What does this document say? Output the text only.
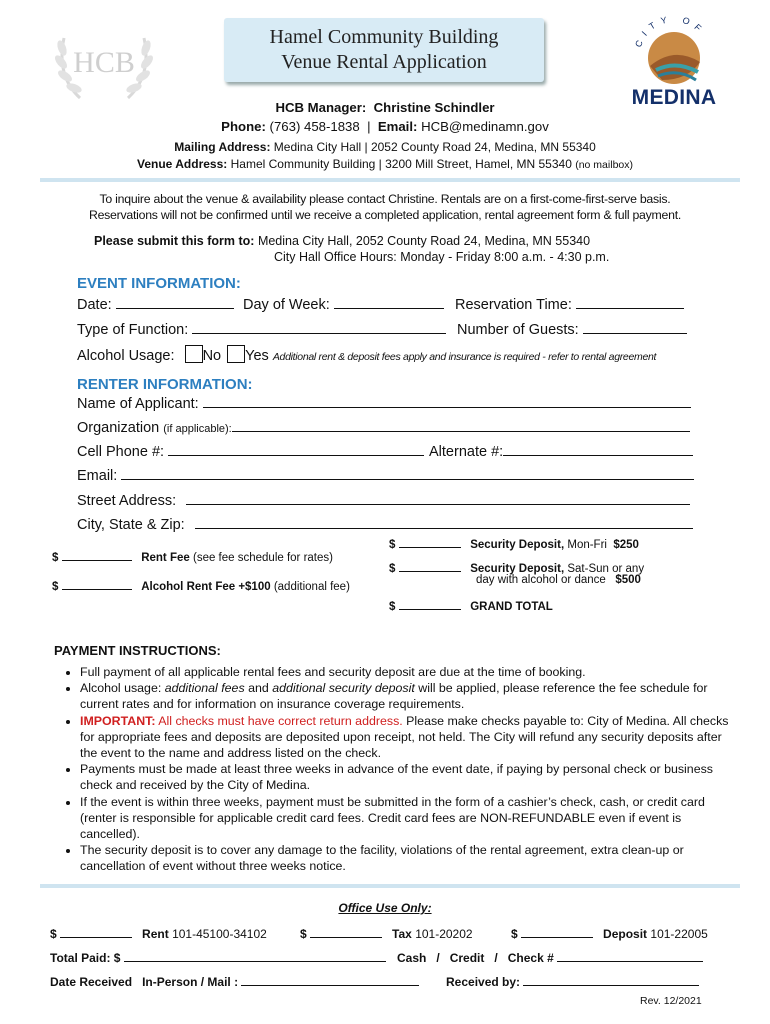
HCB
Hamel Community Building
Venue Rental Application
CITY OF
MEDINA
HCB Manager: Christine Schindler
Phone: (763) 458-1838 | Email: HCB@medinamn.gov
Mailing Address: Medina City Hall | 2052 County Road 24, Medina, MN 55340
Venue Address: Hamel Community Building | 3200 Mill Street, Hamel, MN 55340 (no mailbox)
To inquire about the venue & availability please contact Christine. Rentals are on a first-come-first-serve basis.
Reservations will not be confirmed until we receive a completed application, rental agreement form & full payment.
Please submit this form to: Medina City Hall, 2052 County Road 24, Medina, MN 55340
City Hall Office Hours: Monday - Friday 8:00 a.m. - 4:30 p.m.
EVENT INFORMATION:
Date:	Day of Week:	Reservation Time:
Type of Function:	Number of Guests:
Alcohol Usage: No Yes Additional rent & deposit fees apply and insurance is required - refer to rental agreement
RENTER INFORMATION:
Name of Applicant:
Organization (if applicable):
Cell Phone #:	Alternate #:
Email:
Street Address:
City, State & Zip:
$	Rent Fee (see fee schedule for rates)
$	Alcohol Rent Fee +$100 (additional fee)
$	Security Deposit, Mon-Fri $250
$	Security Deposit, Sat-Sun or any
day with alcohol or dance $500
$	GRAND TOTAL
PAYMENT INSTRUCTIONS:
• Full payment of all applicable rental fees and security deposit are due at the time of booking.
• Alcohol usage: additional fees and additional security deposit will be applied, please reference the fee schedule for current rates and for information on insurance coverage requirements.
• IMPORTANT: All checks must have correct return address. Please make checks payable to: City of Medina. All checks for appropriate fees and deposits are deposited upon receipt, not held. The City will refund any security deposits after the event to the name and address listed on the check.
• Payments must be made at least three weeks in advance of the event date, if paying by personal check or business check and received by the City of Medina.
• If the event is within three weeks, payment must be submitted in the form of a cashier’s check, cash, or credit card (renter is responsible for applicable credit card fees. Credit card fees are NON-REFUNDABLE even if event is cancelled).
• The security deposit is to cover any damage to the facility, violations of the rental agreement, extra clean-up or cancellation of event without three weeks notice.
Office Use Only:
$	Rent 101-45100-34102	$	Tax 101-20202	$	Deposit 101-22005
Total Paid: $	Cash / Credit / Check #
Date Received In-Person / Mail :	Received by:
Rev. 12/2021
